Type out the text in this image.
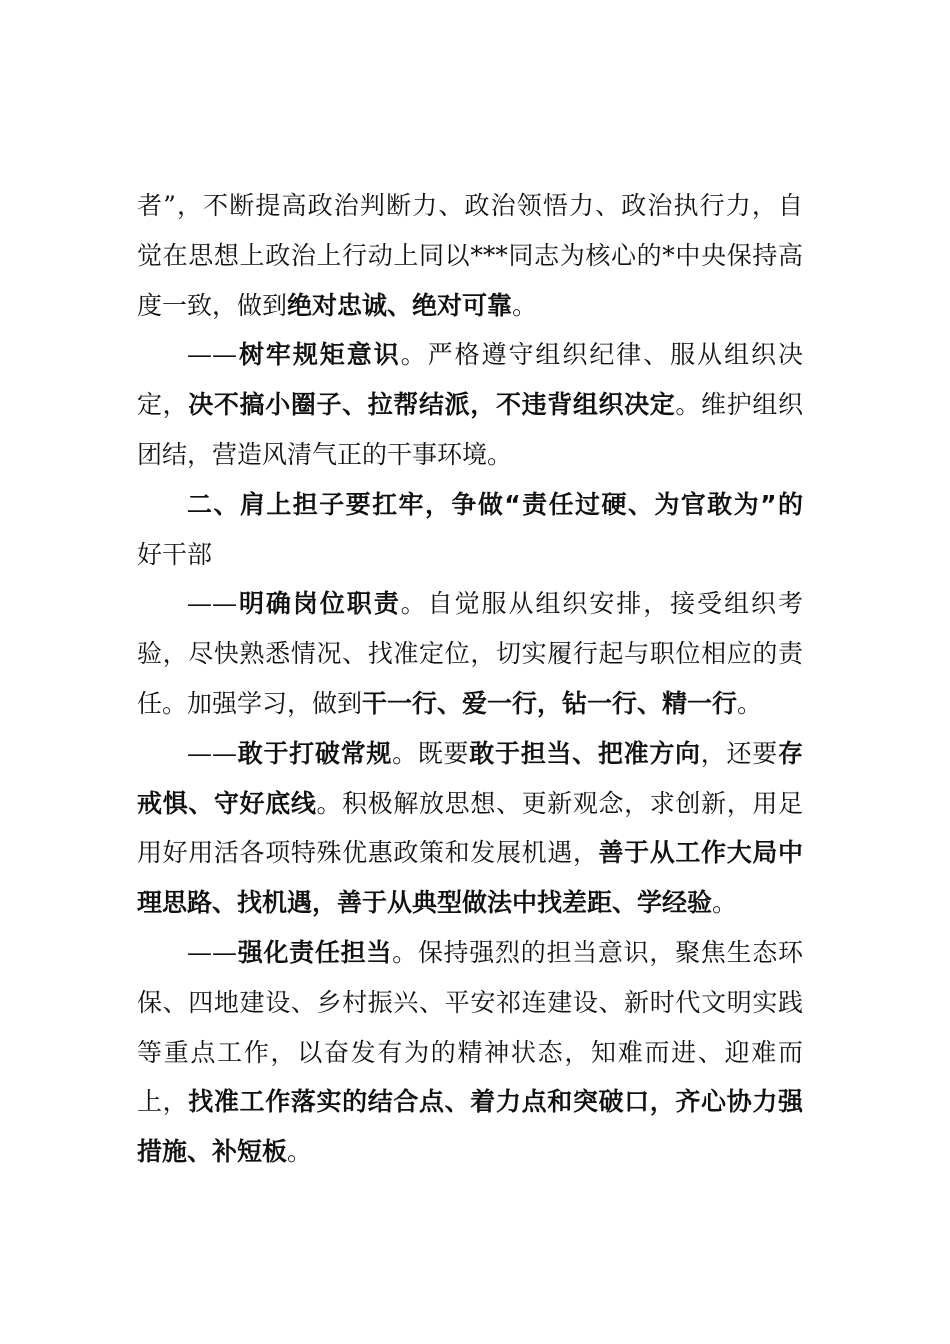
者”，不断提高政治判断力、政治领悟力、政治执行力，自
觉在思想上政治上行动上同以***同志为核心的*中央保持高
度一致，做到绝对忠诚、绝对可靠。
——树牢规矩意识。严格遵守组织纪律、服从组织决
定，决不搞小圈子、拉帮结派，不违背组织决定。维护组织
团结，营造风清气正的干事环境。
二、肩上担子要扛牢，争做“责任过硬、为官敢为”的
好干部
——明确岗位职责。自觉服从组织安排，接受组织考
验，尽快熟悉情况、找准定位，切实履行起与职位相应的责
任。加强学习，做到干一行、爱一行，钻一行、精一行。
——敢于打破常规。既要敢于担当、把准方向，还要存
戒惧、守好底线。积极解放思想、更新观念，求创新，用足
用好用活各项特殊优惠政策和发展机遇，善于从工作大局中
理思路、找机遇，善于从典型做法中找差距、学经验。
——强化责任担当。保持强烈的担当意识，聚焦生态环
保、四地建设、乡村振兴、平安祁连建设、新时代文明实践
等重点工作，以奋发有为的精神状态，知难而进、迎难而
上，找准工作落实的结合点、着力点和突破口，齐心协力强
措施、补短板。
